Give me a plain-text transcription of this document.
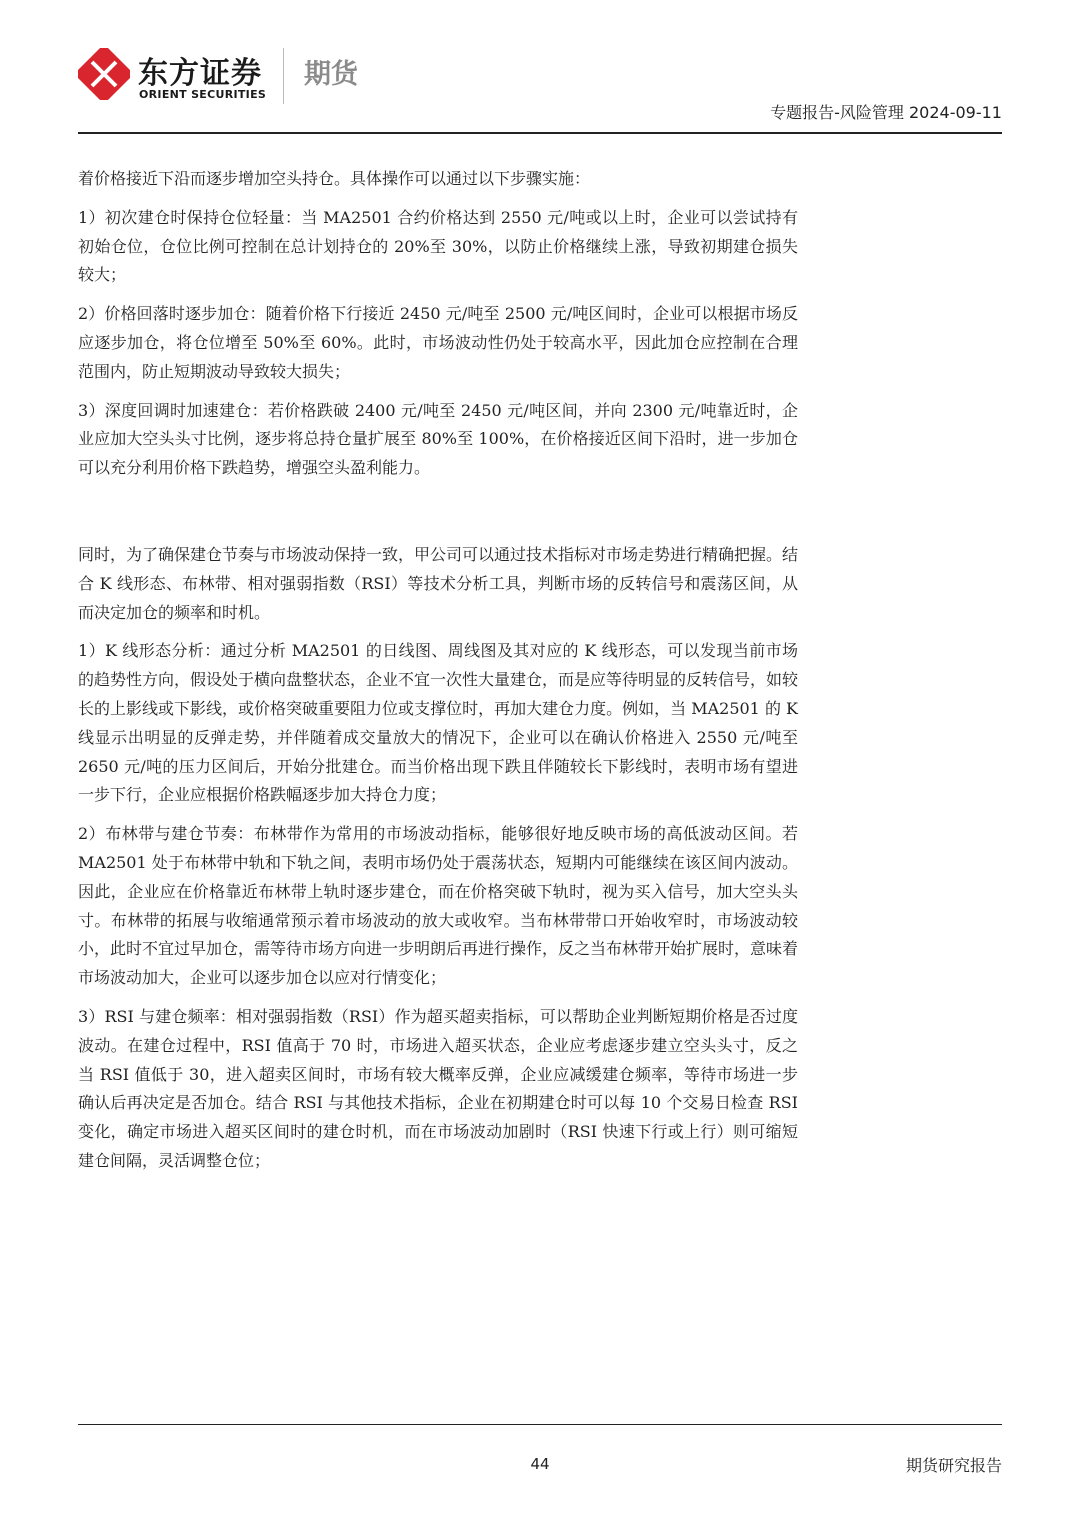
东方证券
ORIENT SECURITIES
期货
专题报告-风险管理 2024-09-11

着价格接近下沿而逐步增加空头持仓。具体操作可以通过以下步骤实施：

1）初次建仓时保持仓位轻量：当 MA2501 合约价格达到 2550 元/吨或以上时，企业可以尝试持有初始仓位，仓位比例可控制在总计划持仓的 20%至 30%，以防止价格继续上涨，导致初期建仓损失较大；

2）价格回落时逐步加仓：随着价格下行接近 2450 元/吨至 2500 元/吨区间时，企业可以根据市场反应逐步加仓，将仓位增至 50%至 60%。此时，市场波动性仍处于较高水平，因此加仓应控制在合理范围内，防止短期波动导致较大损失；

3）深度回调时加速建仓：若价格跌破 2400 元/吨至 2450 元/吨区间，并向 2300 元/吨靠近时，企业应加大空头头寸比例，逐步将总持仓量扩展至 80%至 100%，在价格接近区间下沿时，进一步加仓可以充分利用价格下跌趋势，增强空头盈利能力。

同时，为了确保建仓节奏与市场波动保持一致，甲公司可以通过技术指标对市场走势进行精确把握。结合 K 线形态、布林带、相对强弱指数（RSI）等技术分析工具，判断市场的反转信号和震荡区间，从而决定加仓的频率和时机。

1）K 线形态分析：通过分析 MA2501 的日线图、周线图及其对应的 K 线形态，可以发现当前市场的趋势性方向，假设处于横向盘整状态，企业不宜一次性大量建仓，而是应等待明显的反转信号，如较长的上影线或下影线，或价格突破重要阻力位或支撑位时，再加大建仓力度。例如，当 MA2501 的 K 线显示出明显的反弹走势，并伴随着成交量放大的情况下，企业可以在确认价格进入 2550 元/吨至 2650 元/吨的压力区间后，开始分批建仓。而当价格出现下跌且伴随较长下影线时，表明市场有望进一步下行，企业应根据价格跌幅逐步加大持仓力度；

2）布林带与建仓节奏：布林带作为常用的市场波动指标，能够很好地反映市场的高低波动区间。若 MA2501 处于布林带中轨和下轨之间，表明市场仍处于震荡状态，短期内可能继续在该区间内波动。因此，企业应在价格靠近布林带上轨时逐步建仓，而在价格突破下轨时，视为买入信号，加大空头头寸。布林带的拓展与收缩通常预示着市场波动的放大或收窄。当布林带带口开始收窄时，市场波动较小，此时不宜过早加仓，需等待市场方向进一步明朗后再进行操作，反之当布林带开始扩展时，意味着市场波动加大，企业可以逐步加仓以应对行情变化；

3）RSI 与建仓频率：相对强弱指数（RSI）作为超买超卖指标，可以帮助企业判断短期价格是否过度波动。在建仓过程中，RSI 值高于 70 时，市场进入超买状态，企业应考虑逐步建立空头头寸，反之当 RSI 值低于 30，进入超卖区间时，市场有较大概率反弹，企业应减缓建仓频率，等待市场进一步确认后再决定是否加仓。结合 RSI 与其他技术指标，企业在初期建仓时可以每 10 个交易日检查 RSI 变化，确定市场进入超买区间时的建仓时机，而在市场波动加剧时（RSI 快速下行或上行）则可缩短建仓间隔，灵活调整仓位；

44	期货研究报告
